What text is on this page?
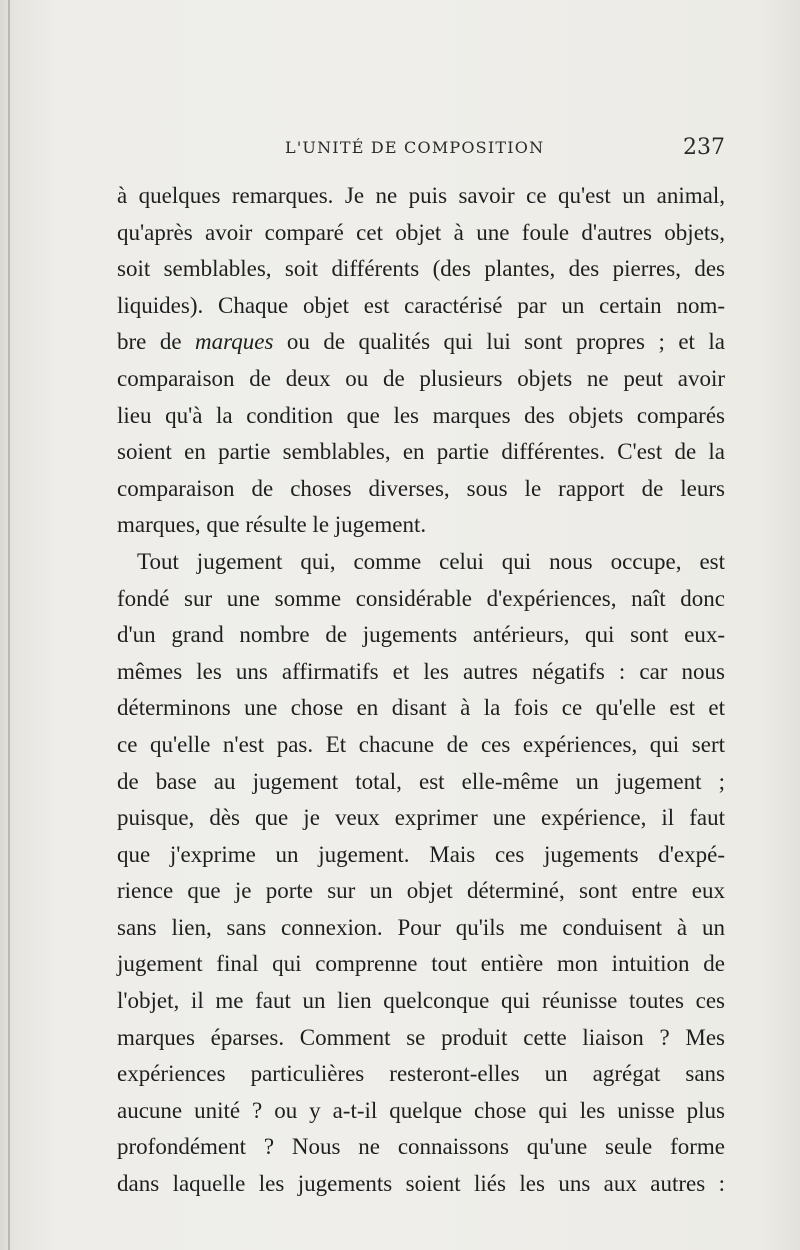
L'UNITÉ DE COMPOSITION	237
à quelques remarques. Je ne puis savoir ce qu'est un animal,
qu'après avoir comparé cet objet à une foule d'autres objets,
soit semblables, soit différents (des plantes, des pierres, des
liquides). Chaque objet est caractérisé par un certain nom-
bre de marques ou de qualités qui lui sont propres ; et la
comparaison de deux ou de plusieurs objets ne peut avoir
lieu qu'à la condition que les marques des objets comparés
soient en partie semblables, en partie différentes. C'est de la
comparaison de choses diverses, sous le rapport de leurs
marques, que résulte le jugement.
Tout jugement qui, comme celui qui nous occupe, est
fondé sur une somme considérable d'expériences, naît donc
d'un grand nombre de jugements antérieurs, qui sont eux-
mêmes les uns affirmatifs et les autres négatifs : car nous
déterminons une chose en disant à la fois ce qu'elle est et
ce qu'elle n'est pas. Et chacune de ces expériences, qui sert
de base au jugement total, est elle-même un jugement ;
puisque, dès que je veux exprimer une expérience, il faut
que j'exprime un jugement. Mais ces jugements d'expé-
rience que je porte sur un objet déterminé, sont entre eux
sans lien, sans connexion. Pour qu'ils me conduisent à un
jugement final qui comprenne tout entière mon intuition de
l'objet, il me faut un lien quelconque qui réunisse toutes ces
marques éparses. Comment se produit cette liaison ? Mes
expériences particulières resteront-elles un agrégat sans
aucune unité ? ou y a-t-il quelque chose qui les unisse plus
profondément ? Nous ne connaissons qu'une seule forme
dans laquelle les jugements soient liés les uns aux autres :
